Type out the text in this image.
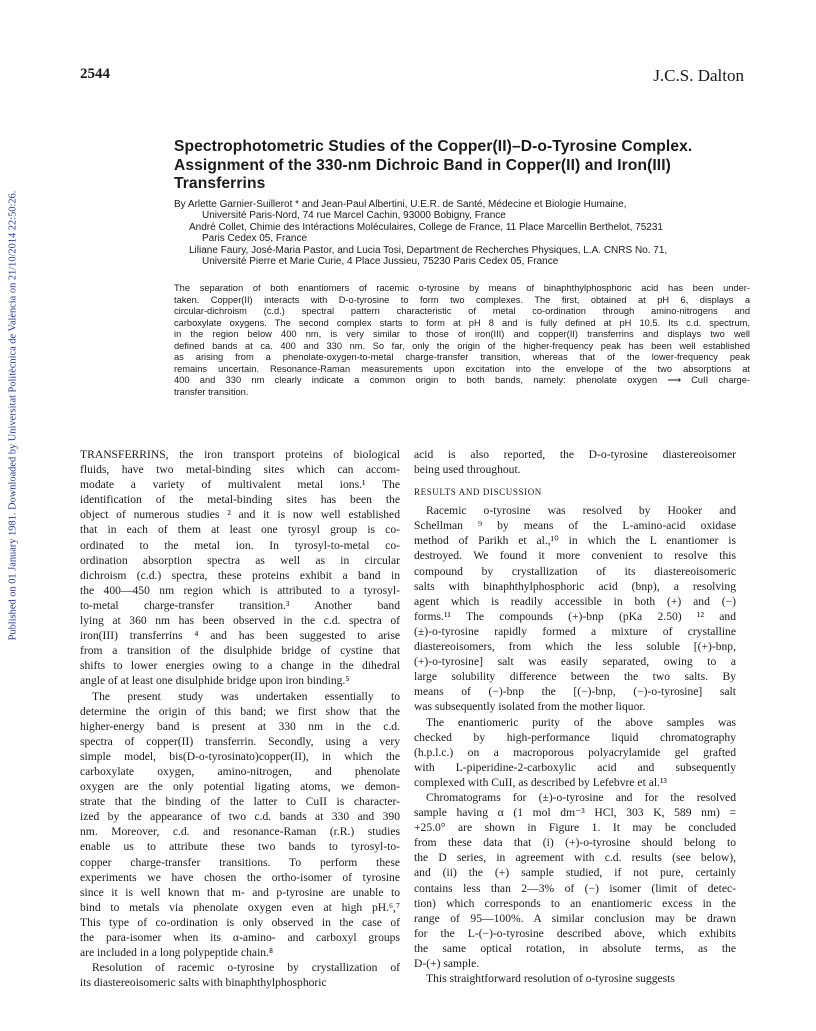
Published on 01 January 1981. Downloaded by Universitat Politècnica de València on 21/10/2014 22:50:26.
2544	J.C.S. Dalton
Spectrophotometric Studies of the Copper(II)–D-o-Tyrosine Complex.
Assignment of the 330-nm Dichroic Band in Copper(II) and Iron(III)
Transferrins
By Arlette Garnier-Suillerot * and Jean-Paul Albertini, U.E.R. de Santé, Médecine et Biologie Humaine,
Université Paris-Nord, 74 rue Marcel Cachin, 93000 Bobigny, France
André Collet, Chimie des Intéractions Moléculaires, College de France, 11 Place Marcellin Berthelot, 75231
Paris Cedex 05, France
Liliane Faury, José-Maria Pastor, and Lucia Tosi, Department de Recherches Physiques, L.A. CNRS No. 71,
Université Pierre et Marie Curie, 4 Place Jussieu, 75230 Paris Cedex 05, France
The separation of both enantiomers of racemic o-tyrosine by means of binaphthylphosphoric acid has been under-
taken. Copper(II) interacts with D-o-tyrosine to form two complexes. The first, obtained at pH 6, displays a
circular-dichroism (c.d.) spectral pattern characteristic of metal co-ordination through amino-nitrogens and
carboxylate oxygens. The second complex starts to form at pH 8 and is fully defined at pH 10.5. Its c.d. spectrum,
in the region below 400 nm, is very similar to those of iron(III) and copper(II) transferrins and displays two well
defined bands at ca. 400 and 330 nm. So far, only the origin of the higher-frequency peak has been well established
as arising from a phenolate-oxygen-to-metal charge-transfer transition, whereas that of the lower-frequency peak
remains uncertain. Resonance-Raman measurements upon excitation into the envelope of the two absorptions at
400 and 330 nm clearly indicate a common origin to both bands, namely: phenolate oxygen ⟶ CuII charge-
transfer transition.
TRANSFERRINS, the iron transport proteins of biological
fluids, have two metal-binding sites which can accom-
modate a variety of multivalent metal ions.¹ The
identification of the metal-binding sites has been the
object of numerous studies ² and it is now well established
that in each of them at least one tyrosyl group is co-
ordinated to the metal ion. In tyrosyl-to-metal co-
ordination absorption spectra as well as in circular
dichroism (c.d.) spectra, these proteins exhibit a band in
the 400—450 nm region which is attributed to a tyrosyl-
to-metal charge-transfer transition.³ Another band
lying at 360 nm has been observed in the c.d. spectra of
iron(III) transferrins ⁴ and has been suggested to arise
from a transition of the disulphide bridge of cystine that
shifts to lower energies owing to a change in the dihedral
angle of at least one disulphide bridge upon iron binding.⁵
The present study was undertaken essentially to
determine the origin of this band; we first show that the
higher-energy band is present at 330 nm in the c.d.
spectra of copper(II) transferrin. Secondly, using a very
simple model, bis(D-o-tyrosinato)copper(II), in which the
carboxylate oxygen, amino-nitrogen, and phenolate
oxygen are the only potential ligating atoms, we demon-
strate that the binding of the latter to CuII is character-
ized by the appearance of two c.d. bands at 330 and 390
nm. Moreover, c.d. and resonance-Raman (r.R.) studies
enable us to attribute these two bands to tyrosyl-to-
copper charge-transfer transitions. To perform these
experiments we have chosen the ortho-isomer of tyrosine
since it is well known that m- and p-tyrosine are unable to
bind to metals via phenolate oxygen even at high pH.⁶,⁷
This type of co-ordination is only observed in the case of
the para-isomer when its α-amino- and carboxyl groups
are included in a long polypeptide chain.⁸
Resolution of racemic o-tyrosine by crystallization of
its diastereoisomeric salts with binaphthylphosphoric
acid is also reported, the D-o-tyrosine diastereoisomer
being used throughout.
RESULTS AND DISCUSSION
Racemic o-tyrosine was resolved by Hooker and
Schellman ⁹ by means of the L-amino-acid oxidase
method of Parikh et al.,¹⁰ in which the L enantiomer is
destroyed. We found it more convenient to resolve this
compound by crystallization of its diastereoisomeric
salts with binaphthylphosphoric acid (bnp), a resolving
agent which is readily accessible in both (+) and (−)
forms.¹¹ The compounds (+)-bnp (pKa 2.50) ¹² and
(±)-o-tyrosine rapidly formed a mixture of crystalline
diastereoisomers, from which the less soluble [(+)-bnp,
(+)-o-tyrosine] salt was easily separated, owing to a
large solubility difference between the two salts. By
means of (−)-bnp the [(−)-bnp, (−)-o-tyrosine] salt
was subsequently isolated from the mother liquor.
The enantiomeric purity of the above samples was
checked by high-performance liquid chromatography
(h.p.l.c.) on a macroporous polyacrylamide gel grafted
with L-piperidine-2-carboxylic acid and subsequently
complexed with CuII, as described by Lefebvre et al.¹³
Chromatograms for (±)-o-tyrosine and for the resolved
sample having α (1 mol dm⁻³ HCl, 303 K, 589 nm) =
+25.0° are shown in Figure 1. It may be concluded
from these data that (i) (+)-o-tyrosine should belong to
the D series, in agreement with c.d. results (see below),
and (ii) the (+) sample studied, if not pure, certainly
contains less than 2—3% of (−) isomer (limit of detec-
tion) which corresponds to an enantiomeric excess in the
range of 95—100%. A similar conclusion may be drawn
for the L-(−)-o-tyrosine described above, which exhibits
the same optical rotation, in absolute terms, as the
D-(+) sample.
This straightforward resolution of o-tyrosine suggests
